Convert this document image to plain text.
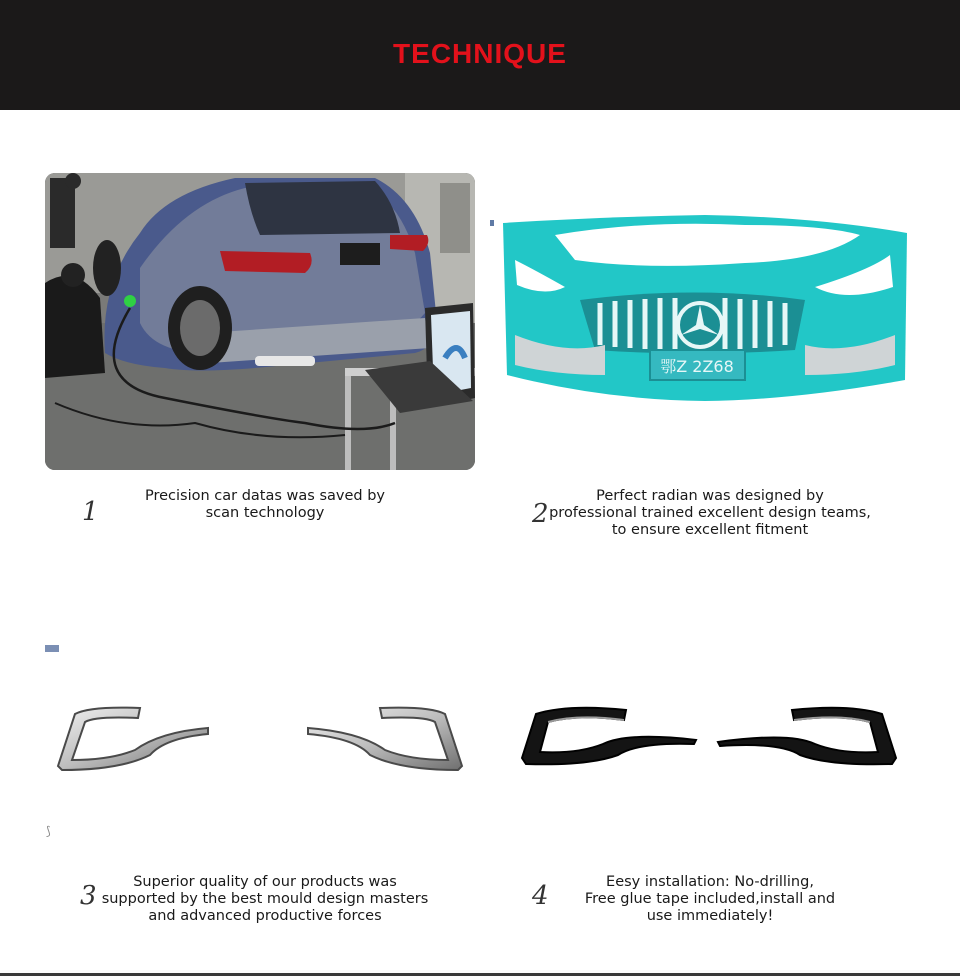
TECHNIQUE
鄂Z 2Z68
1
Precision car datas was saved by
scan technology	2
Perfect radian was designed by
professional trained excellent design teams,
to ensure excellent fitment
⟆
3	Superior quality of our products was
supported by the best mould design masters
and advanced productive forces
4	Eesy installation: No-drilling,
Free glue tape included,install and
use immediately!
